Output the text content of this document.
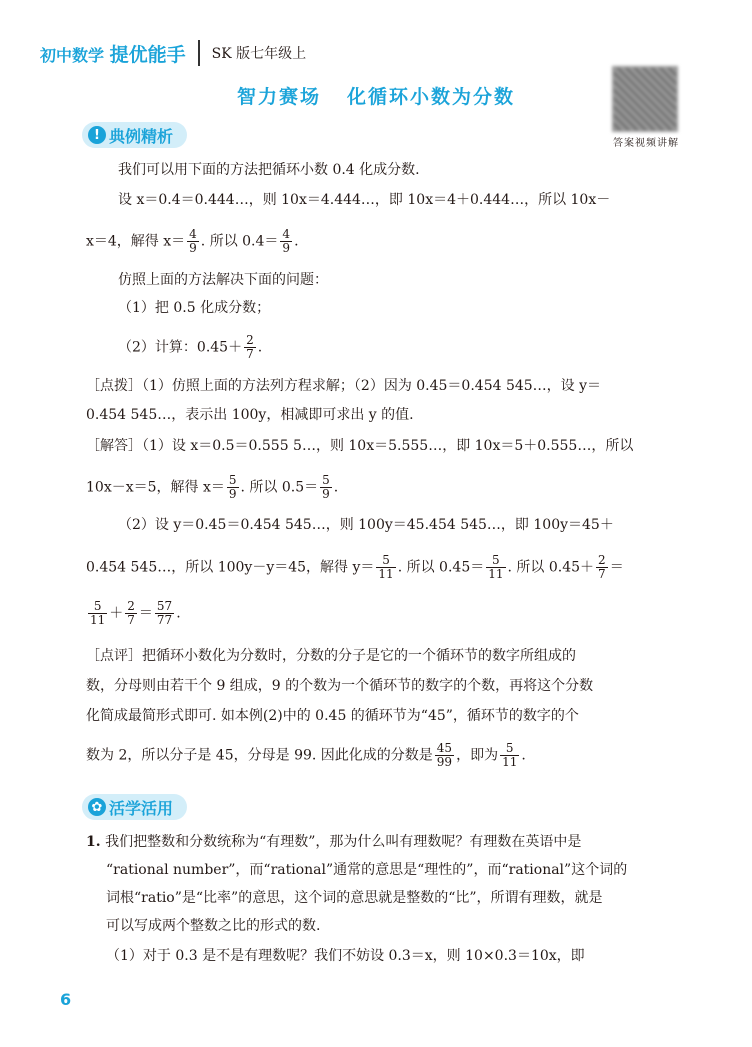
初中数学 提优能手 SK 版七年级上
答案视频讲解
智力赛场 化循环小数为分数
! 典例精析
我们可以用下面的方法把循环小数 0.4 化成分数.
设 x＝0.4＝0.444…，则 10x＝4.444…，即 10x＝4＋0.444…，所以 10x－
x＝4，解得 $x= \frac{4}{9}$ . 所以 $0.4= \frac{4}{9}$ .
仿照上面的方法解决下面的问题：
（1）把 0.5 化成分数；
（2）计算：$0.45+ \frac{2}{7}$ .
［点拨］（1）仿照上面的方法列方程求解；（2）因为 0.45＝0.454 545…，设 y＝
0.454 545…，表示出 100y，相减即可求出 y 的值.
［解答］（1）设 x＝0.5＝0.555 5…，则 10x＝5.555…，即 10x＝5＋0.555…，所以
10x－x＝5，解得 $x= \frac{5}{9}$ . 所以 $0.5= \frac{5}{9}$ .
（2）设 y＝0.45＝0.454 545…，则 100y＝45.454 545…，即 100y＝45＋
0.454 545…，所以 100y－y＝45，解得 $y= \frac{5}{11}$ . 所以 $0.45= \frac{5}{11}$ . 所以 $0.45+ \frac{2}{7}$ ＝
$\frac{5}{11} + \frac{2}{7} = \frac{57}{77}$ .
［点评］把循环小数化为分数时，分数的分子是它的一个循环节的数字所组成的
数，分母则由若干个 9 组成，9 的个数为一个循环节的数字的个数，再将这个分数
化简成最简形式即可. 如本例(2)中的 0.45 的循环节为“45”，循环节的数字的个
数为 2，所以分子是 45，分母是 99. 因此化成的分数是 $\frac{45}{99}$ ，即为 $\frac{5}{11}$ .
✿ 活学活用
1. 我们把整数和分数统称为“有理数”，那为什么叫有理数呢？有理数在英语中是
“rational number”，而“rational”通常的意思是“理性的”，而“rational”这个词的
词根“ratio”是“比率”的意思，这个词的意思就是整数的“比”，所谓有理数，就是
可以写成两个整数之比的形式的数.
（1）对于 0.3 是不是有理数呢？我们不妨设 0.3＝x，则 10×0.3＝10x，即
6
